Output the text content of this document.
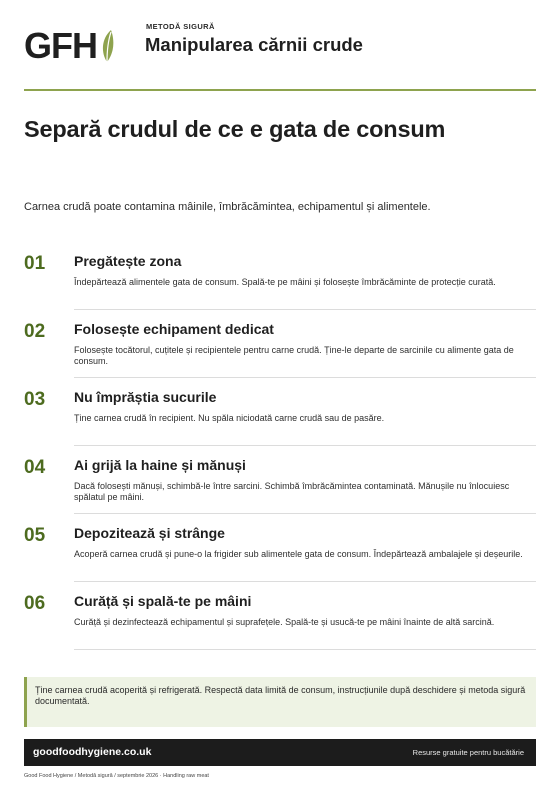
GFH	METODĂ SIGURĂ
Manipularea cărnii crude
Separă crudul de ce e gata de consum
Carnea crudă poate contamina mâinile, îmbrăcămintea, echipamentul și alimentele.
01 Pregătește zona
Îndepărtează alimentele gata de consum. Spală-te pe mâini și folosește îmbrăcăminte de protecție curată.
02 Folosește echipament dedicat
Folosește tocătorul, cuțitele și recipientele pentru carne crudă. Ține-le departe de sarcinile cu alimente gata de consum.
03 Nu împrăștia sucurile
Ține carnea crudă în recipient. Nu spăla niciodată carne crudă sau de pasăre.
04 Ai grijă la haine și mănuși
Dacă folosești mănuși, schimbă-le între sarcini. Schimbă îmbrăcămintea contaminată. Mănușile nu înlocuiesc spălatul pe mâini.
05 Depozitează și strânge
Acoperă carnea crudă și pune-o la frigider sub alimentele gata de consum. Îndepărtează ambalajele și deșeurile.
06 Curăță și spală-te pe mâini
Curăță și dezinfectează echipamentul și suprafețele. Spală-te și usucă-te pe mâini înainte de altă sarcină.
Ține carnea crudă acoperită și refrigerată. Respectă data limită de consum, instrucțiunile după deschidere și metoda sigură documentată.
goodfoodhygiene.co.uk	Resurse gratuite pentru bucătărie
Good Food Hygiene / Metodă sigură / septembrie 2026 · Handling raw meat
